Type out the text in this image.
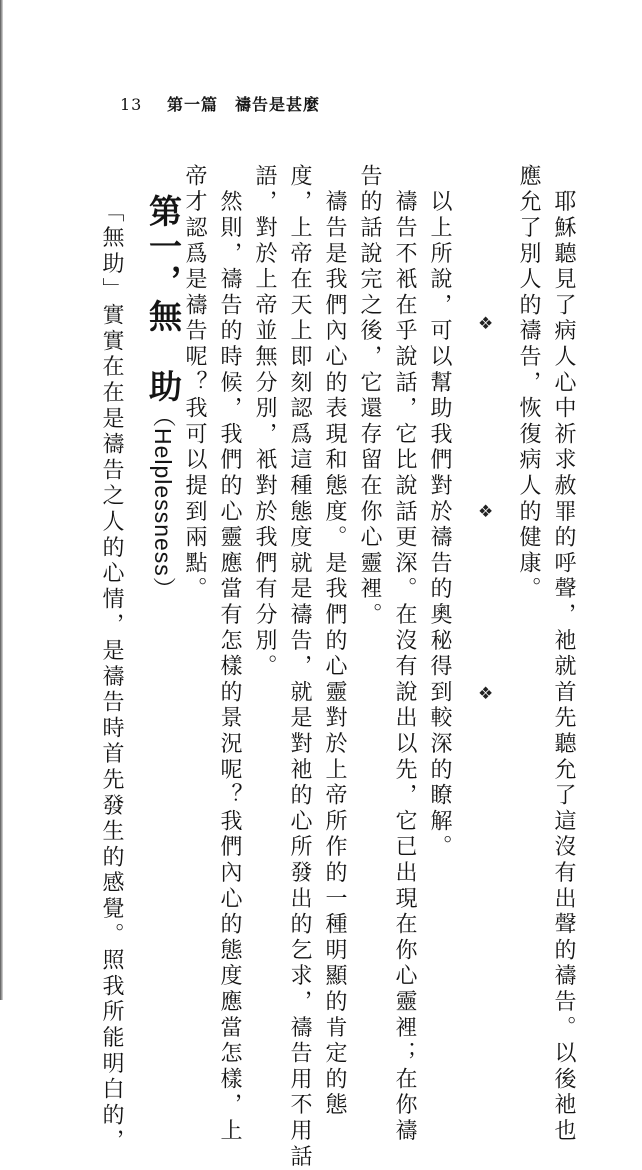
13 第一篇　禱告是甚麼
　耶穌聽見了病人心中祈求赦罪的呼聲，祂就首先聽允了這沒有出聲的禱告。以後祂也
應允了別人的禱告，恢復病人的健康。
❖
❖
❖
　以上所說，可以幫助我們對於禱告的奧秘得到較深的瞭解。
　禱告不衹在乎說話，它比說話更深。在沒有說出以先，它已出現在你心靈裡；在你禱
告的話說完之後，它還存留在你心靈裡。
　禱告是我們內心的表現和態度。是我們的心靈對於上帝所作的一種明顯的肯定的態
度，上帝在天上即刻認爲這種態度就是禱告，就是對祂的心所發出的乞求，禱告用不用話
語，對於上帝並無分別，衹對於我們有分別。
　然則，禱告的時候，我們的心靈應當有怎樣的景況呢？我們內心的態度應當怎樣，上
帝才認爲是禱告呢？我可以提到兩點。
第一，無　助（Helplessness）
「無助」實實在在是禱告之人的心情，是禱告時首先發生的感覺。照我所能明白的，
